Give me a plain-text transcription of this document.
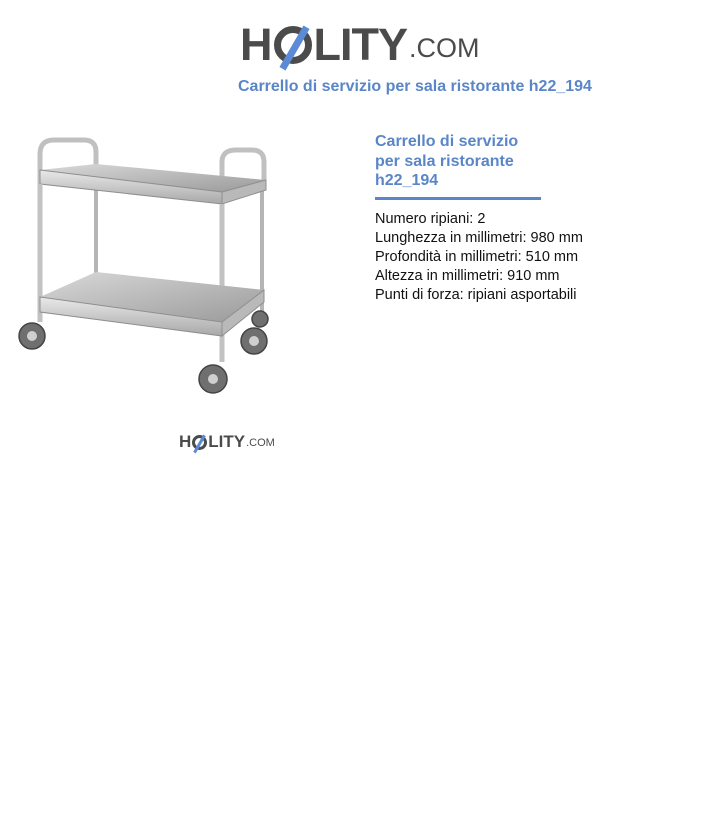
H LITY .COM
Carrello di servizio per sala ristorante h22_194
H LITY .COM
Carrello di servizio
per sala ristorante
h22_194
Numero ripiani: 2
Lunghezza in millimetri: 980 mm
Profondità in millimetri: 510 mm
Altezza in millimetri: 910 mm
Punti di forza: ripiani asportabili
